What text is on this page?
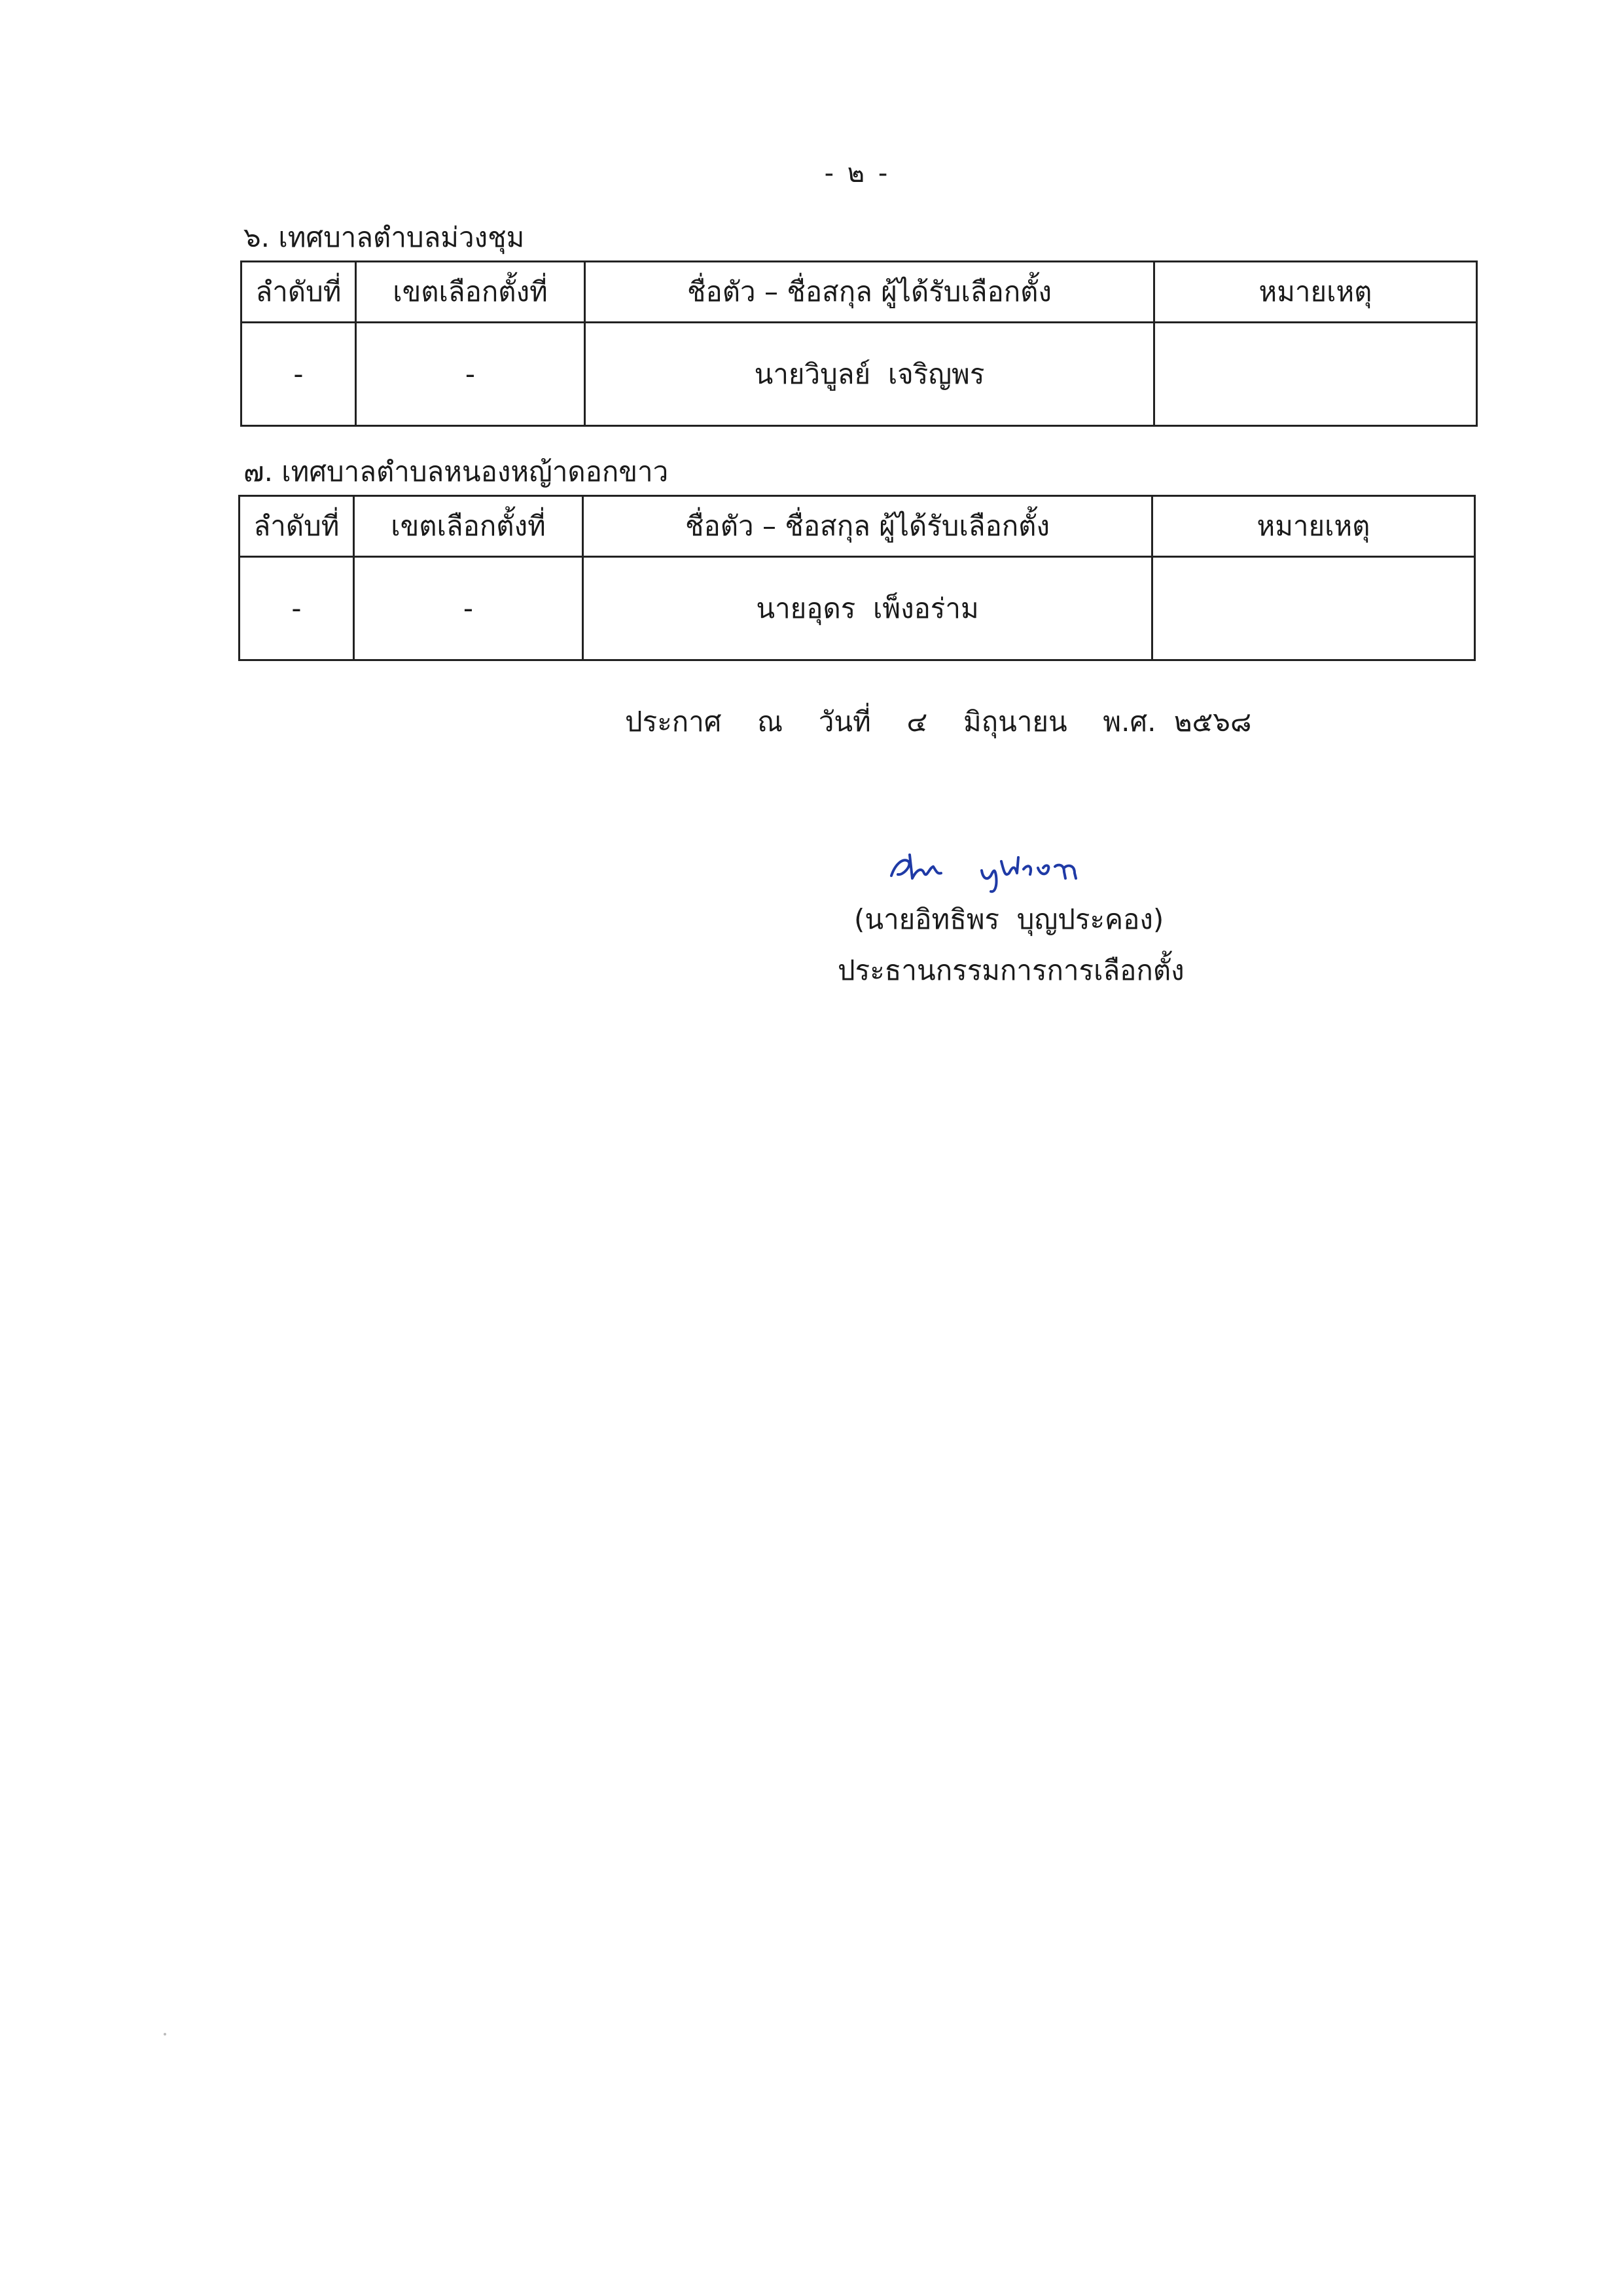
- ๒ -
๖. เทศบาลตำบลม่วงชุม
ลำดับที่	เขตเลือกตั้งที่	ชื่อตัว – ชื่อสกุล ผู้ได้รับเลือกตั้ง	หมายเหตุ
-	-	นายวิบูลย์  เจริญพร	
๗. เทศบาลตำบลหนองหญ้าดอกขาว
ลำดับที่	เขตเลือกตั้งที่	ชื่อตัว – ชื่อสกุล ผู้ได้รับเลือกตั้ง	หมายเหตุ
-	-	นายอุดร  เพ็งอร่าม	
ประกาศ  ณ  วันที่  ๔  มิถุนายน  พ.ศ. ๒๕๖๘
(นายอิทธิพร  บุญประคอง)
ประธานกรรมการการเลือกตั้ง
